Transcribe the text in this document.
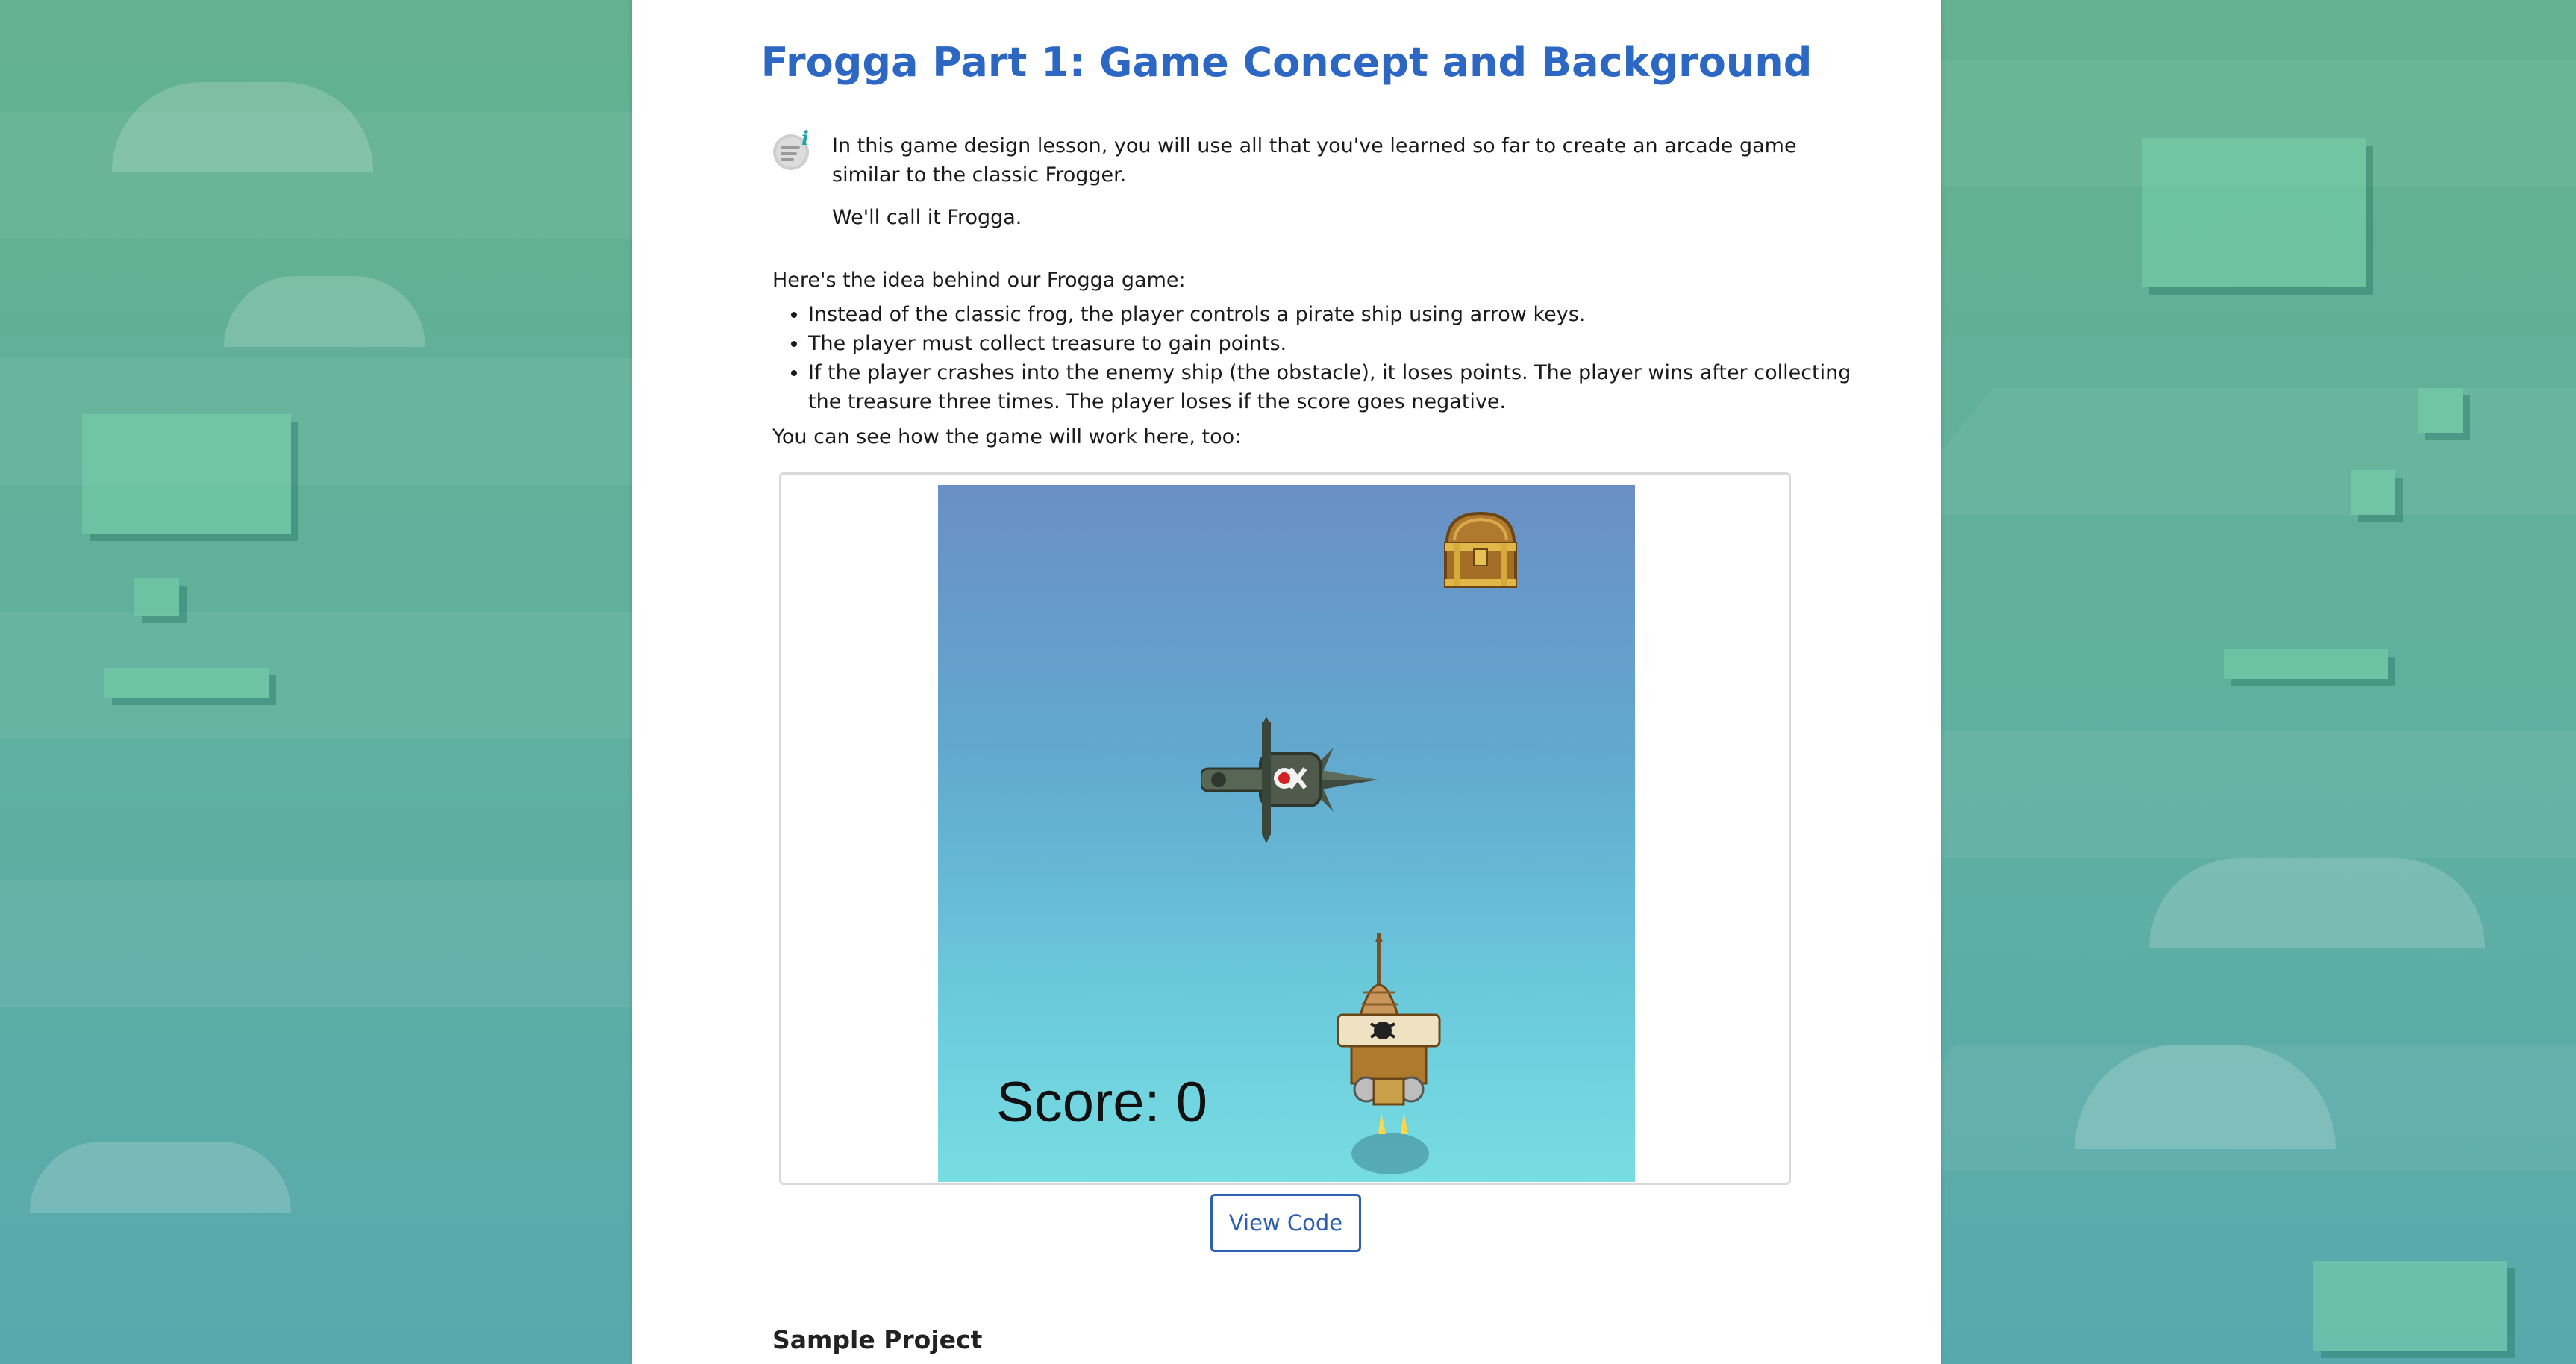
Frogga Part 1: Game Concept and Background
i In this game design lesson, you will use all that you've learned so far to create an arcade game similar to the classic Frogger.

We'll call it Frogga.

Here's the idea behind our Frogga game:

• Instead of the classic frog, the player controls a pirate ship using arrow keys.
• The player must collect treasure to gain points.
• If the player crashes into the enemy ship (the obstacle), it loses points. The player wins after collecting the treasure three times. The player loses if the score goes negative.

You can see how the game will work here, too:

Score: 0
View Code
Sample Project
